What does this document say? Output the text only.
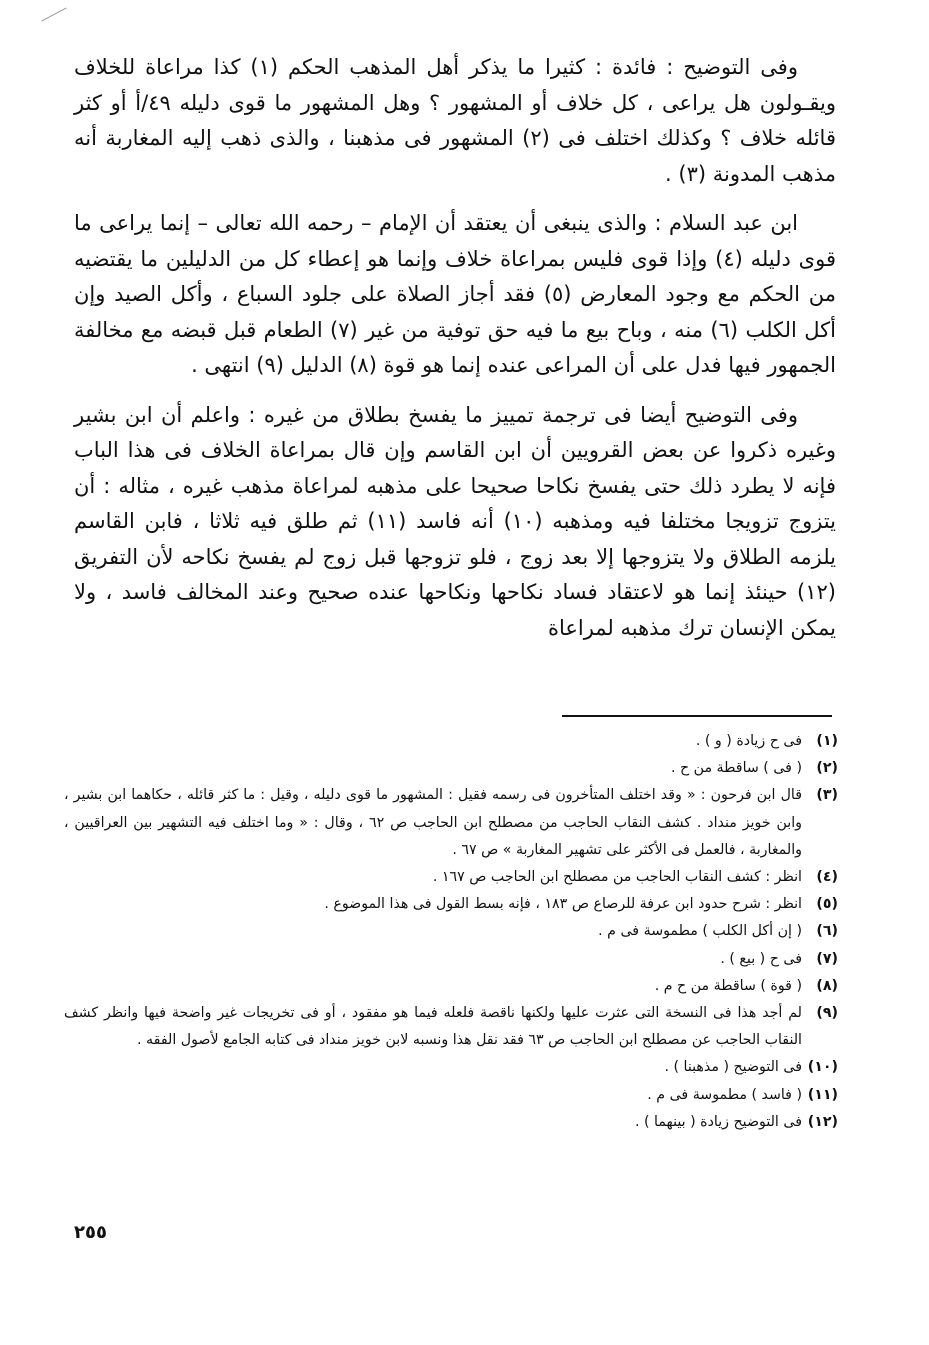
وفى التوضيح : فائدة : كثيرا ما يذكر أهل المذهب الحكم (١) كذا مراعاة للخلاف ويقـولون هل يراعى ، كل خلاف أو المشهور ؟ وهل المشهور ما قوى دليله ٤٩/أ أو كثر قائله خلاف ؟ وكذلك اختلف فى (٢) المشهور فى مذهبنا ، والذى ذهب إليه المغاربة أنه مذهب المدونة (٣) .

ابن عبد السلام : والذى ينبغى أن يعتقد أن الإمام – رحمه الله تعالى – إنما يراعى ما قوى دليله (٤) وإذا قوى فليس بمراعاة خلاف وإنما هو إعطاء كل من الدليلين ما يقتضيه من الحكم مع وجود المعارض (٥) فقد أجاز الصلاة على جلود السباع ، وأكل الصيد وإن أكل الكلب (٦) منه ، وباح بيع ما فيه حق توفية من غير (٧) الطعام قبل قبضه مع مخالفة الجمهور فيها فدل على أن المراعى عنده إنما هو قوة (٨) الدليل (٩) انتهى .

وفى التوضيح أيضا فى ترجمة تمييز ما يفسخ بطلاق من غيره : واعلم أن ابن بشير وغيره ذكروا عن بعض القرويين أن ابن القاسم وإن قال بمراعاة الخلاف فى هذا الباب فإنه لا يطرد ذلك حتى يفسخ نكاحا صحيحا على مذهبه لمراعاة مذهب غيره ، مثاله : أن يتزوج تزويجا مختلفا فيه ومذهبه (١٠) أنه فاسد (١١) ثم طلق فيه ثلاثا ، فابن القاسم يلزمه الطلاق ولا يتزوجها إلا بعد زوج ، فلو تزوجها قبل زوج لم يفسخ نكاحه لأن التفريق (١٢) حينئذ إنما هو لاعتقاد فساد نكاحها ونكاحها عنده صحيح وعند المخالف فاسد ، ولا يمكن الإنسان ترك مذهبه لمراعاة

(١)فى ح زيادة ( و ) .

(٢)( فى ) ساقطة من ح .

(٣)قال ابن فرحون : « وقد اختلف المتأخرون فى رسمه فقيل : المشهور ما قوى دليله ، وقيل : ما كثر قائله ، حكاهما ابن بشير ، وابن خويز منداد . كشف النقاب الحاجب من مصطلح ابن الحاجب ص ٦٢ ، وقال : « وما اختلف فيه التشهير بين العراقيين ، والمغاربة ، فالعمل فى الأكثر على تشهير المغاربة » ص ٦٧ .

(٤)انظر : كشف النقاب الحاجب من مصطلح ابن الحاجب ص ١٦٧ .

(٥)انظر : شرح حدود ابن عرفة للرصاع ص ١٨٣ ، فإنه بسط القول فى هذا الموضوع .

(٦)( إن أكل الكلب ) مطموسة فى م .

(٧)فى ح ( بيع ) .

(٨)( قوة ) ساقطة من ح م .

(٩)لم أجد هذا فى النسخة التى عثرت عليها ولكنها ناقصة فلعله فيما هو مفقود ، أو فى تخريجات غير واضحة فيها وانظر كشف النقاب الحاجب عن مصطلح ابن الحاجب ص ٦٣ فقد نقل هذا ونسبه لابن خويز منداد فى كتابه الجامع لأصول الفقه .

(١٠)فى التوضيح ( مذهبنا ) .

(١١)( فاسد ) مطموسة فى م .

(١٢)فى التوضيح زيادة ( بينهما ) .

٢٥٥
